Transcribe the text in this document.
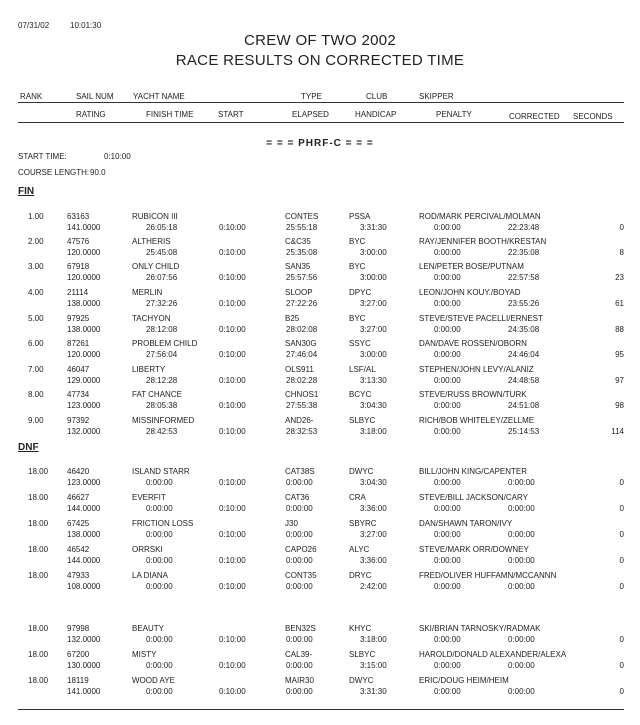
07/31/02	10:01:30
CREW OF TWO 2002
RACE RESULTS ON CORRECTED TIME
RANK	SAIL NUM YACHT NAME	TYPE	CLUB	SKIPPER
RATING	FINISH TIME	START	ELAPSED	HANDICAP	PENALTY	CORRECTED SECONDS
= = = PHRF-C = = =
START TIME:	0:10:00
COURSE LENGTH: 90.0
FIN
1.00	63163	RUBICON III	CONTES	PSSA	ROD/MARK PERCIVAL/MOLMAN
141.0000	26:05:18	0:10:00	25:55:18	3:31:30	0:00:00	22:23:48	0
2.00	47576	ALTHERIS	C&C35	BYC	RAY/JENNIFER BOOTH/KRESTAN
120.0000	25:45:08	0:10:00	25:35:08	3:00:00	0:00:00	22:35:08	8
3.00	67918	ONLY CHILD	SAN35	BYC	LEN/PETER BOSE/PUTNAM
120.0000	26:07:56	0:10:00	25:57:56	3:00:00	0:00:00	22:57:58	23
4.00	21114	MERLIN	SLOOP	DPYC	LEON/JOHN KOUY./BOYAD
138.0000	27:32:26	0:10:00	27:22:26	3:27:00	0:00:00	23:55:26	61
5.00	97925	TACHYON	B25	BYC	STEVE/STEVE PACELLI/ERNEST
138.0000	28:12:08	0:10:00	28:02:08	3:27:00	0:00:00	24:35:08	88
6.00	87261	PROBLEM CHILD	SAN30G	SSYC	DAN/DAVE ROSSEN/OBORN
120.0000	27:56:04	0:10:00	27:46:04	3:00:00	0:00:00	24:46:04	95
7.00	46047	LIBERTY	OLS911	LSF/AL	STEPHEN/JOHN LEVY/ALANIZ
129.0000	28:12:28	0:10:00	28:02:28	3:13:30	0:00:00	24:48:58	97
8.00	47734	FAT CHANCE	CHNOS1	BCYC	STEVE/RUSS BROWN/TURK
123.0000	28:05:38	0:10:00	27:55:38	3:04:30	0:00:00	24:51:08	98
9.00	97392	MISSINFORMED	AND26-	SLBYC	RICH/BOB WHITELEY/ZELLME
132.0000	28:42:53	0:10:00	28:32:53	3:18:00	0:00:00	25:14:53	114
DNF
18.00 46420	ISLAND STARR	CAT38S	DWYC	BILL/JOHN KING/CAPENTER
123.0000	0:00:00	0:10:00	0:00:00	3:04:30	0:00:00	0:00:00	0
18.00 46627	EVERFIT	CAT36	CRA	STEVE/BILL JACKSON/CARY
144.0000	0:00:00	0:10:00	0:00:00	3:36:00	0:00:00	0:00:00	0
18.00 67425	FRICTION LOSS	J30	SBYRC	DAN/SHAWN TARON/IVY
138.0000	0:00:00	0:10:00	0:00:00	3:27:00	0:00:00	0:00:00	0
18.00 46542	ORRSKI	CAPO26	ALYC	STEVE/MARK ORR/DOWNEY
144.0000	0:00:00	0:10:00	0:00:00	3:36:00	0:00:00	0:00:00	0
18.00 47933	LA DIANA	CONT35	DRYC	FRED/OLIVER HUFFAMN/MCCANNN
108.0000	0:00:00	0:10:00	0:00:00	2:42:00	0:00:00	0:00:00	0
18.00 97998	BEAUTY	BEN32S	KHYC	SKI/BRIAN TARNOSKY/RADMAK
132.0000	0:00:00	0:10:00	0:00:00	3:18:00	0:00:00	0:00:00	0
18.00 67200	MISTY	CAL39-	SLBYC	HAROLD/DONALD ALEXANDER/ALEXA
130.0000	0:00:00	0:10:00	0:00:00	3:15:00	0:00:00	0:00:00	0
18.00 18119	WOOD AYE	MAIR30	DWYC	ERIC/DOUG HEIM/HEIM
141.0000	0:00:00	0:10:00	0:00:00	3:31:30	0:00:00	0:00:00	0
